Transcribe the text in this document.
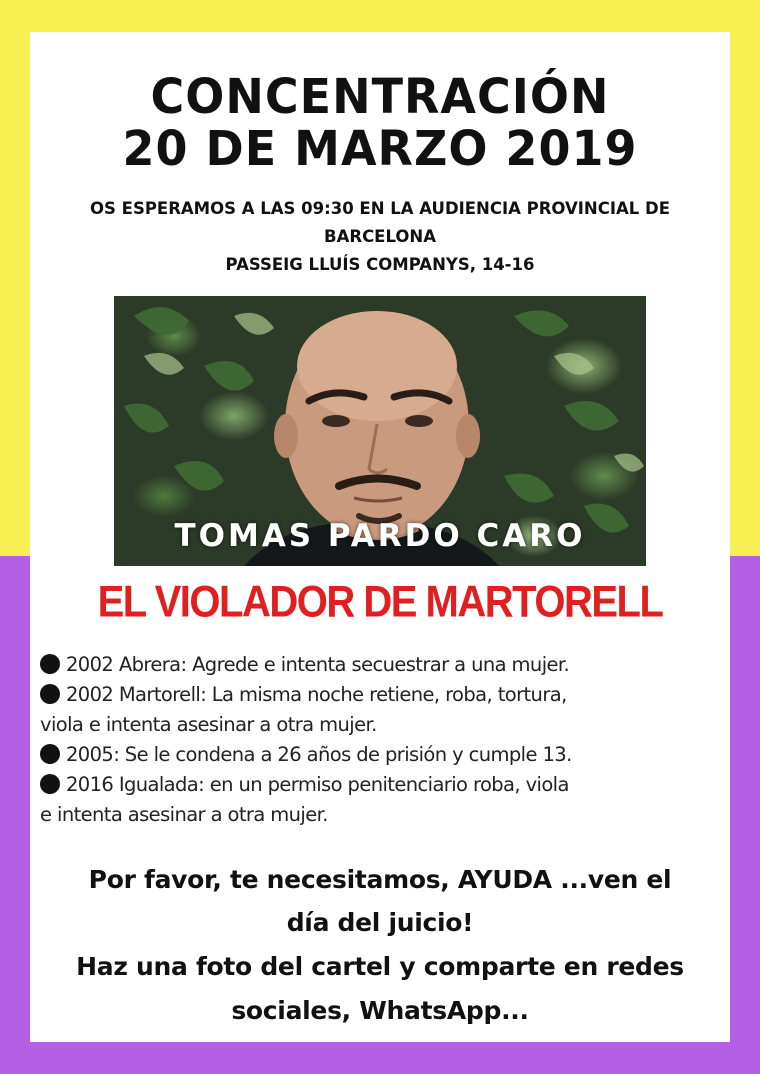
CONCENTRACIÓN
20 DE MARZO 2019
OS ESPERAMOS A LAS 09:30 EN LA AUDIENCIA PROVINCIAL DE
BARCELONA
PASSEIG LLUÍS COMPANYS, 14-16
TOMAS PARDO CARO
EL VIOLADOR DE MARTORELL
2002 Abrera: Agrede e intenta secuestrar a una mujer.
2002 Martorell: La misma noche retiene, roba, tortura,
viola e intenta asesinar a otra mujer.
2005: Se le condena a 26 años de prisión y cumple 13.
2016 Igualada: en un permiso penitenciario roba, viola
e intenta asesinar a otra mujer.
Por favor, te necesitamos, AYUDA ...ven el
día del juicio!
Haz una foto del cartel y comparte en redes
sociales, WhatsApp...
